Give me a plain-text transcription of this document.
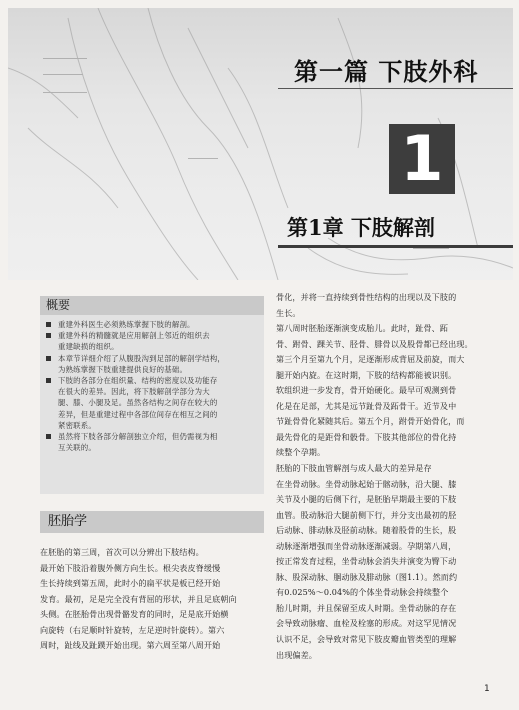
第一篇 下肢外科
1
第1章 下肢解剖
概要
重建外科医生必须熟练掌握下肢的解剖。
重建外科的精髓就是应用解剖上邻近的组织去
重建缺损的组织。
本章节详细介绍了从腹股沟到足部的解剖学结构，
为熟练掌握下肢重建提供良好的基础。
下肢的各部分在组织量、结构的密度以及功能存
在很大的差异。因此，将下肢解剖学部分为大
腿、膝、小腿及足。虽然各结构之间存在较大的
差异，但是重建过程中各部位间存在相互之间的
紧密联系。
虽然将下肢各部分解剖独立介绍，但仍需视为相
互关联的。
胚胎学
在胚胎的第三周，首次可以分辨出下肢结构。
最开始下肢沿着腹外侧方向生长。根尖表皮脊缓慢
生长持续到第五周，此时小的扁平状是板已经开始
发育。最初，足是完全没有背屈的形状，并且足底朝向
头侧。在胚胎骨出现骨骼发育的同时，足是底开始横
向旋转（右足顺时针旋转，左足逆时针旋转）。第六
周时，趾线及趾蹼开始出现。第六周至第八周开始
骨化，并将一直持续到骨性结构的出现以及下肢的
生长。
第八周时胚胎逐渐演变成胎儿。此时，趾骨、跖
骨、跗骨、踝关节、胫骨、腓骨以及股骨都已经出现。
第三个月至第九个月，足逐渐形成背屈及前旋，而大
腿开始内旋。在这时期，下肢的结构都能被识别。
软组织进一步发育，骨开始硬化。最早可观测到骨
化是在足部，尤其是远节趾骨及跖骨干。近节及中
节趾骨骨化紧随其后。第五个月，跗骨开始骨化，而
最先骨化的是距骨和骰骨。下肢其他部位的骨化持
续整个孕期。
胚胎的下肢血管解剖与成人最大的差异是存
在坐骨动脉。坐骨动脉起始于髂动脉，沿大腿、膝
关节及小腿的后侧下行，是胚胎早期最主要的下肢
血管。股动脉沿大腿前侧下行，并分支出最初的胫
后动脉、腓动脉及胫前动脉。随着股骨的生长，股
动脉逐渐增强而坐骨动脉逐渐减弱。孕期第八周，
按正常发育过程，坐骨动脉会消失并演变为臀下动
脉、股深动脉、腘动脉及腓动脉（图1.1）。然而约
有0.025%～0.04%的个体坐骨动脉会持续整个
胎儿时期，并且保留至成人时期。坐骨动脉的存在
会导致动脉瘤、血栓及栓塞的形成。对这罕见情况
认识不足，会导致对常见下肢皮瓣血管类型的理解
出现偏差。
1
